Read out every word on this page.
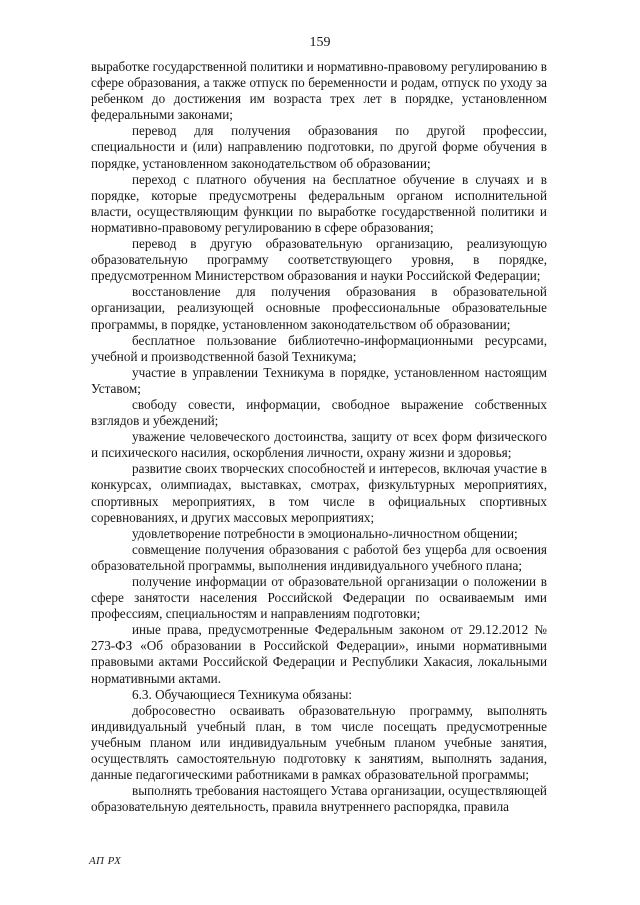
159

выработке государственной политики и нормативно-правовому регулированию в сфере образования, а также отпуск по беременности и родам, отпуск по уходу за ребенком до достижения им возраста трех лет в порядке, установленном федеральными законами;

перевод для получения образования по другой профессии, специальности и (или) направлению подготовки, по другой форме обучения в порядке, установленном законодательством об образовании;

переход с платного обучения на бесплатное обучение в случаях и в порядке, которые предусмотрены федеральным органом исполнительной власти, осуществляющим функции по выработке государственной политики и нормативно-правовому регулированию в сфере образования;

перевод в другую образовательную организацию, реализующую образовательную программу соответствующего уровня, в порядке, предусмотренном Министерством образования и науки Российской Федерации;

восстановление для получения образования в образовательной организации, реализующей основные профессиональные образовательные программы, в порядке, установленном законодательством об образовании;

бесплатное пользование библиотечно-информационными ресурсами, учебной и производственной базой Техникума;

участие в управлении Техникума в порядке, установленном настоящим Уставом;

свободу совести, информации, свободное выражение собственных взглядов и убеждений;

уважение человеческого достоинства, защиту от всех форм физического и психического насилия, оскорбления личности, охрану жизни и здоровья;

развитие своих творческих способностей и интересов, включая участие в конкурсах, олимпиадах, выставках, смотрах, физкультурных мероприятиях, спортивных мероприятиях, в том числе в официальных спортивных соревнованиях, и других массовых мероприятиях;

удовлетворение потребности в эмоционально-личностном общении;

совмещение получения образования с работой без ущерба для освоения образовательной программы, выполнения индивидуального учебного плана;

получение информации от образовательной организации о положении в сфере занятости населения Российской Федерации по осваиваемым ими профессиям, специальностям и направлениям подготовки;

иные права, предусмотренные Федеральным законом от 29.12.2012 № 273-ФЗ «Об образовании в Российской Федерации», иными нормативными правовыми актами Российской Федерации и Республики Хакасия, локальными нормативными актами.

6.3. Обучающиеся Техникума обязаны:

добросовестно осваивать образовательную программу, выполнять индивидуальный учебный план, в том числе посещать предусмотренные учебным планом или индивидуальным учебным планом учебные занятия, осуществлять самостоятельную подготовку к занятиям, выполнять задания, данные педагогическими работниками в рамках образовательной программы;

выполнять требования настоящего Устава организации, осуществляющей образовательную деятельность, правила внутреннего распорядка, правила

АП РХ
